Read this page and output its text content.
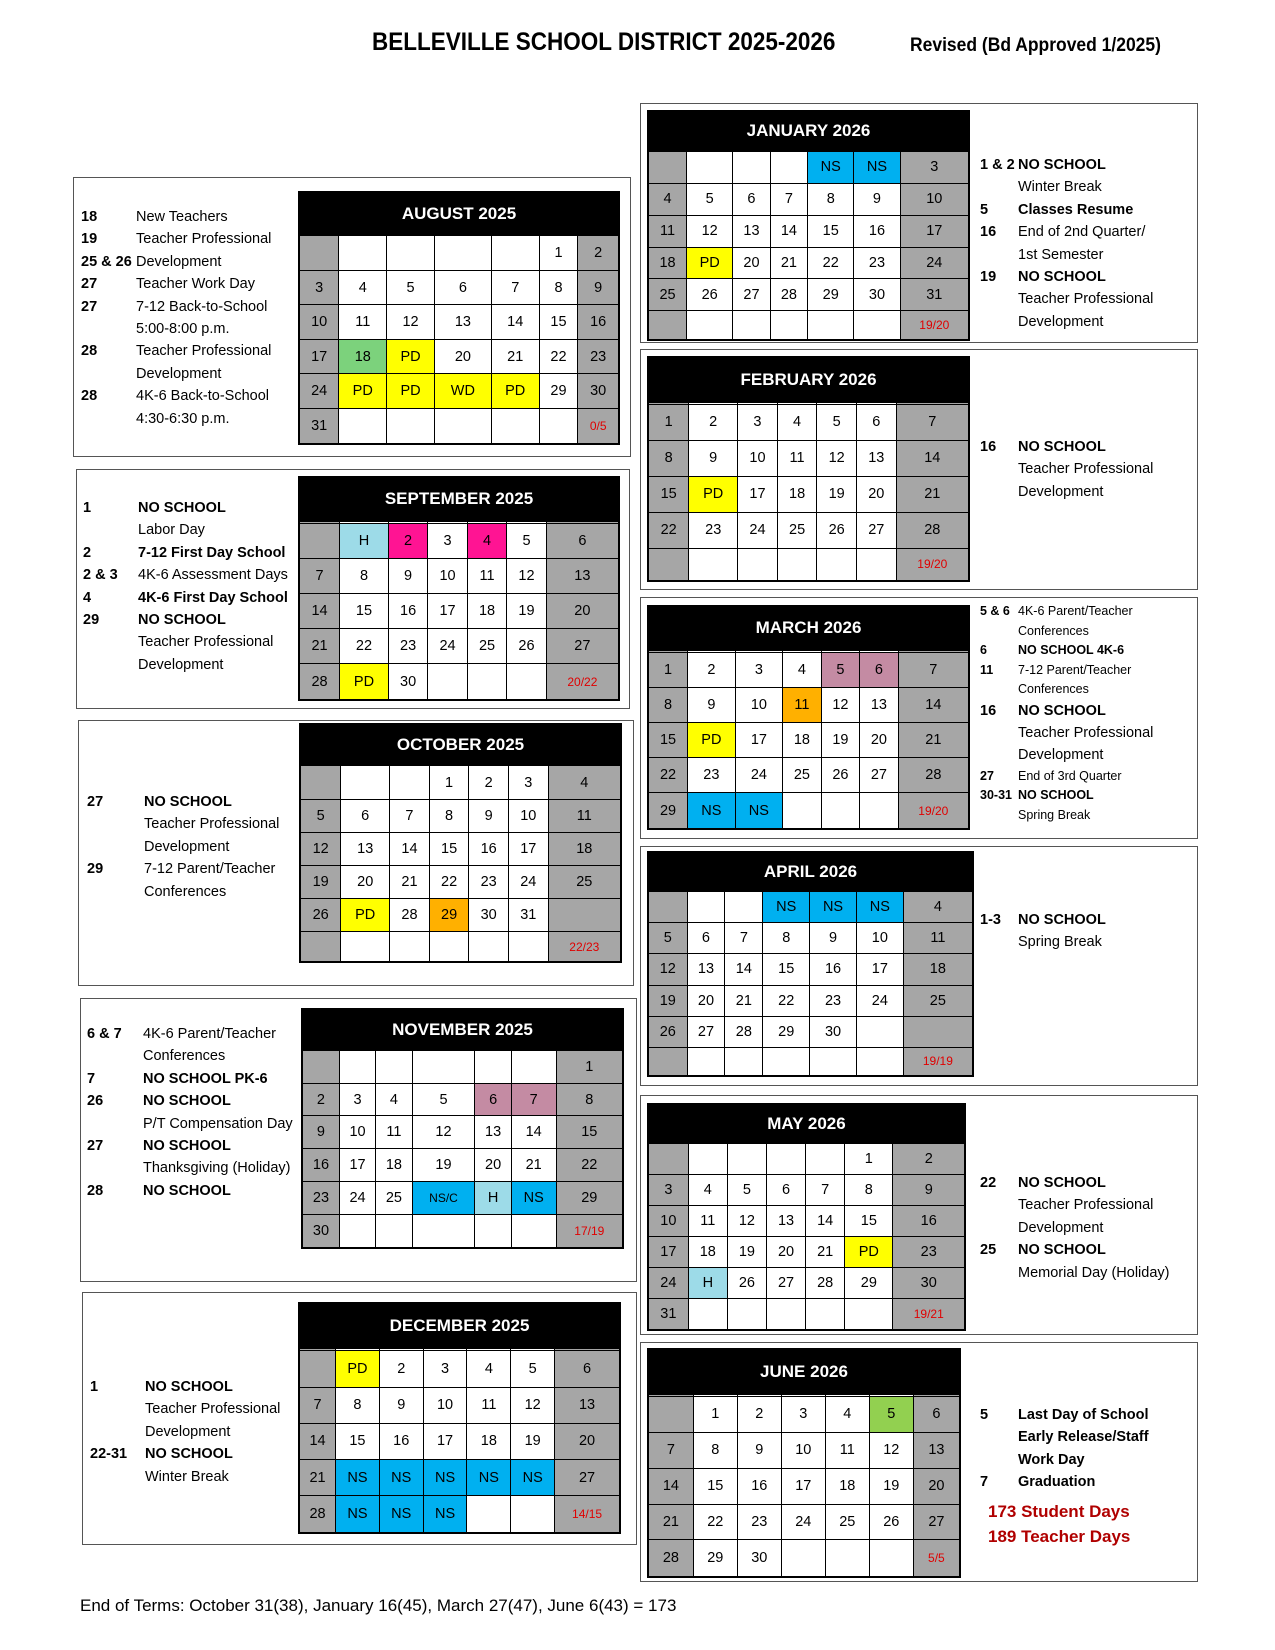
BELLEVILLE SCHOOL DISTRICT 2025-2026	Revised (Bd Approved 1/2025)
AUGUST 2025						
					1	2
3	4	5	6	7	8	9
10	11	12	13	14	15	16
17	18	PD	20	21	22	23
24	PD	PD	WD	PD	29	30
31						0/5
SEPTEMBER 2025						

	H	2	3	4	5	6
7	8	9	10	11	12	13
14	15	16	17	18	19	20
21	22	23	24	25	26	27
28	PD	30				20/22
OCTOBER 2025						
			1	2	3	4
5	6	7	8	9	10	11
12	13	14	15	16	17	18
19	20	21	22	23	24	25
26	PD	28	29	30	31	
						22/23
NOVEMBER 2025						
						1
2	3	4	5	6	7	8
9	10	11	12	13	14	15
16	17	18	19	20	21	22
23	24	25	NS/C	H	NS	29
30						17/19
DECEMBER 2025						

	PD	2	3	4	5	6
7	8	9	10	11	12	13
14	15	16	17	18	19	20
21	NS	NS	NS	NS	NS	27
28	NS	NS	NS			14/15
JANUARY 2026						
				NS	NS	3
4	5	6	7	8	9	10
11	12	13	14	15	16	17
18	PD	20	21	22	23	24
25	26	27	28	29	30	31
						19/20
FEBRUARY 2026						

1	2	3	4	5	6	7
8	9	10	11	12	13	14
15	PD	17	18	19	20	21
22	23	24	25	26	27	28
						19/20
MARCH 2026						

1	2	3	4	5	6	7
8	9	10	11	12	13	14
15	PD	17	18	19	20	21
22	23	24	25	26	27	28
29	NS	NS				19/20
APRIL 2026						
			NS	NS	NS	4
5	6	7	8	9	10	11
12	13	14	15	16	17	18
19	20	21	22	23	24	25
26	27	28	29	30		
						19/19
MAY 2026						
					1	2
3	4	5	6	7	8	9
10	11	12	13	14	15	16
17	18	19	20	21	PD	23
24	H	26	27	28	29	30
31						19/21
JUNE 2026						

	1	2	3	4	5	6
7	8	9	10	11	12	13
14	15	16	17	18	19	20
21	22	23	24	25	26	27
28	29	30				5/5
18	New Teachers
19	Teacher Professional
25 & 26 Development
27	Teacher Work Day
27	7-12 Back-to-School
5:00-8:00 p.m.
28	Teacher Professional
Development
28	4K-6 Back-to-School
4:30-6:30 p.m.
1	NO SCHOOL
Labor Day
2	7-12 First Day School
2 & 3	4K-6 Assessment Days
4	4K-6 First Day School
29	NO SCHOOL
Teacher Professional
Development
27	NO SCHOOL
Teacher Professional
Development
29	7-12 Parent/Teacher
Conferences
6 & 7	4K-6 Parent/Teacher
Conferences
7	NO SCHOOL PK-6
26	NO SCHOOL
P/T Compensation Day
27	NO SCHOOL
Thanksgiving (Holiday)
28	NO SCHOOL
1	NO SCHOOL
Teacher Professional
Development
22-31	NO SCHOOL
Winter Break
1 & 2 NO SCHOOL
Winter Break
5	Classes Resume
16	End of 2nd Quarter/
1st Semester
19	NO SCHOOL
Teacher Professional
Development
16	NO SCHOOL
Teacher Professional
Development
5 & 6 4K-6 Parent/Teacher
Conferences
6	NO SCHOOL 4K-6
11	7-12 Parent/Teacher
Conferences
16	NO SCHOOL
Teacher Professional
Development
27	End of 3rd Quarter
30-31 NO SCHOOL
Spring Break
1-3	NO SCHOOL
Spring Break
22	NO SCHOOL
Teacher Professional
Development
25	NO SCHOOL
Memorial Day (Holiday)
5	Last Day of School
Early Release/Staff
Work Day
7	Graduation
173 Student Days
189 Teacher Days
End of Terms: October 31(38), January 16(45), March 27(47), June 6(43) = 173
